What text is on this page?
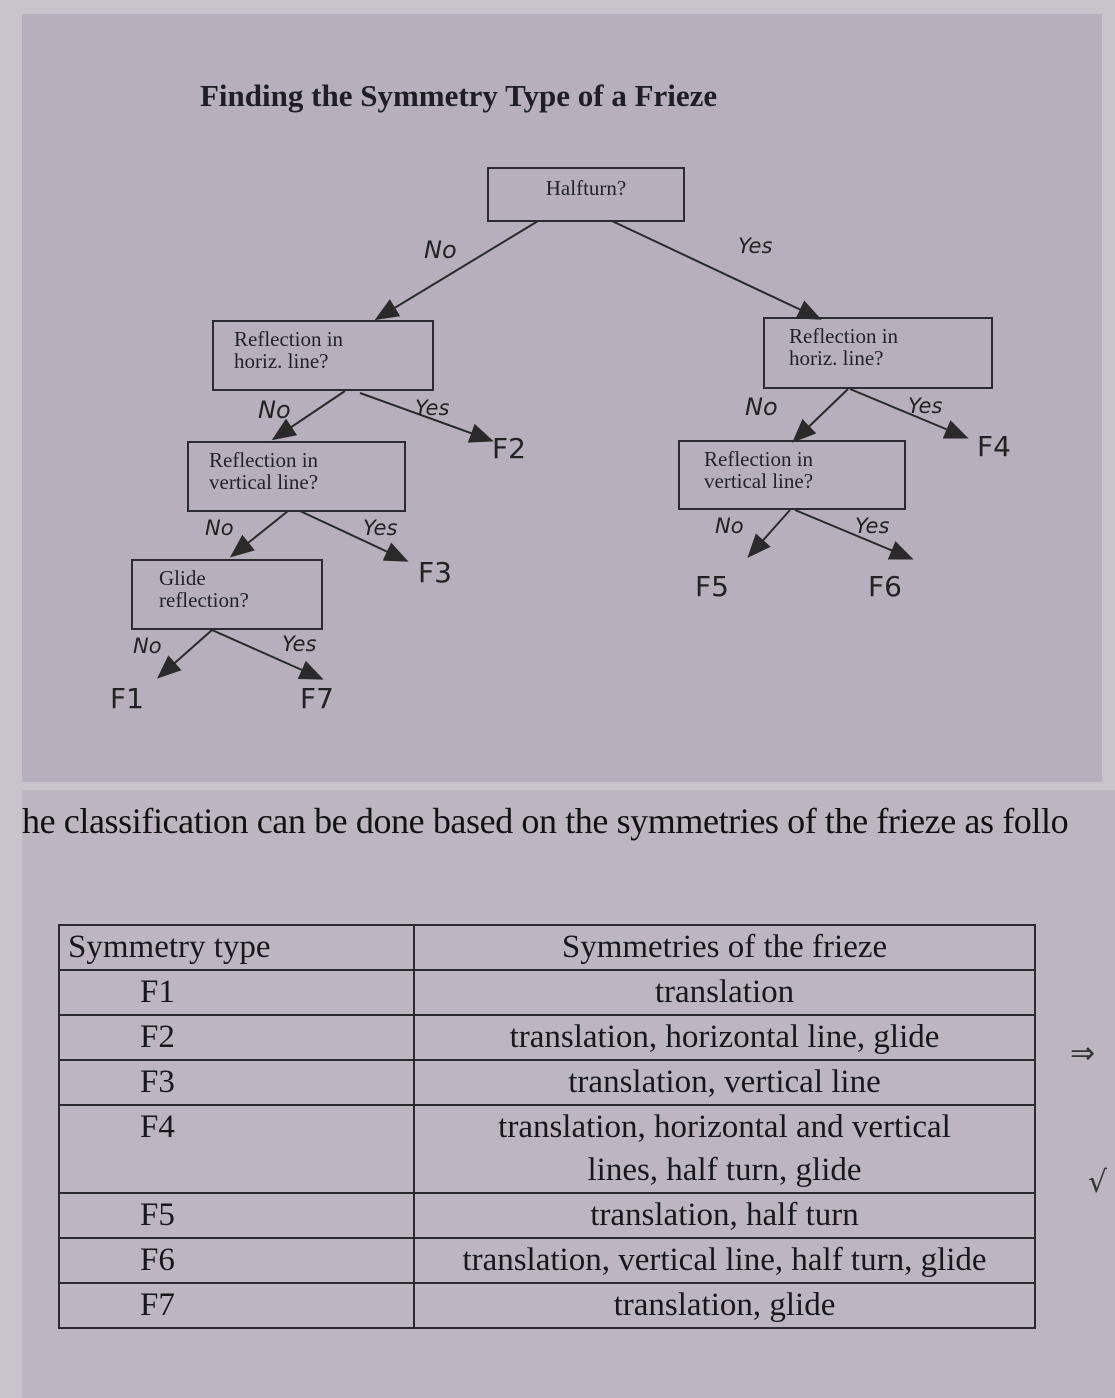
Finding the Symmetry Type of a Frieze
Halfturn?
No	Yes
Reflection in
horiz. line?
No	Yes
F2
Reflection in
vertical line?
No	Yes
F3
Glide
reflection?
No	Yes
F1	F7
Reflection in
horiz. line?
No	Yes
F4
Reflection in
vertical line?
No	Yes
F5	F6
he classification can be done based on the symmetries of the frieze as follo
Symmetry type	Symmetries of the frieze
F1	translation
F2	translation, horizontal line, glide
F3	translation, vertical line
F4	translation, horizontal and vertical lines, half turn, glide
F5	translation, half turn
F6	translation, vertical line, half turn, glide
F7	translation, glide
⇒
√
